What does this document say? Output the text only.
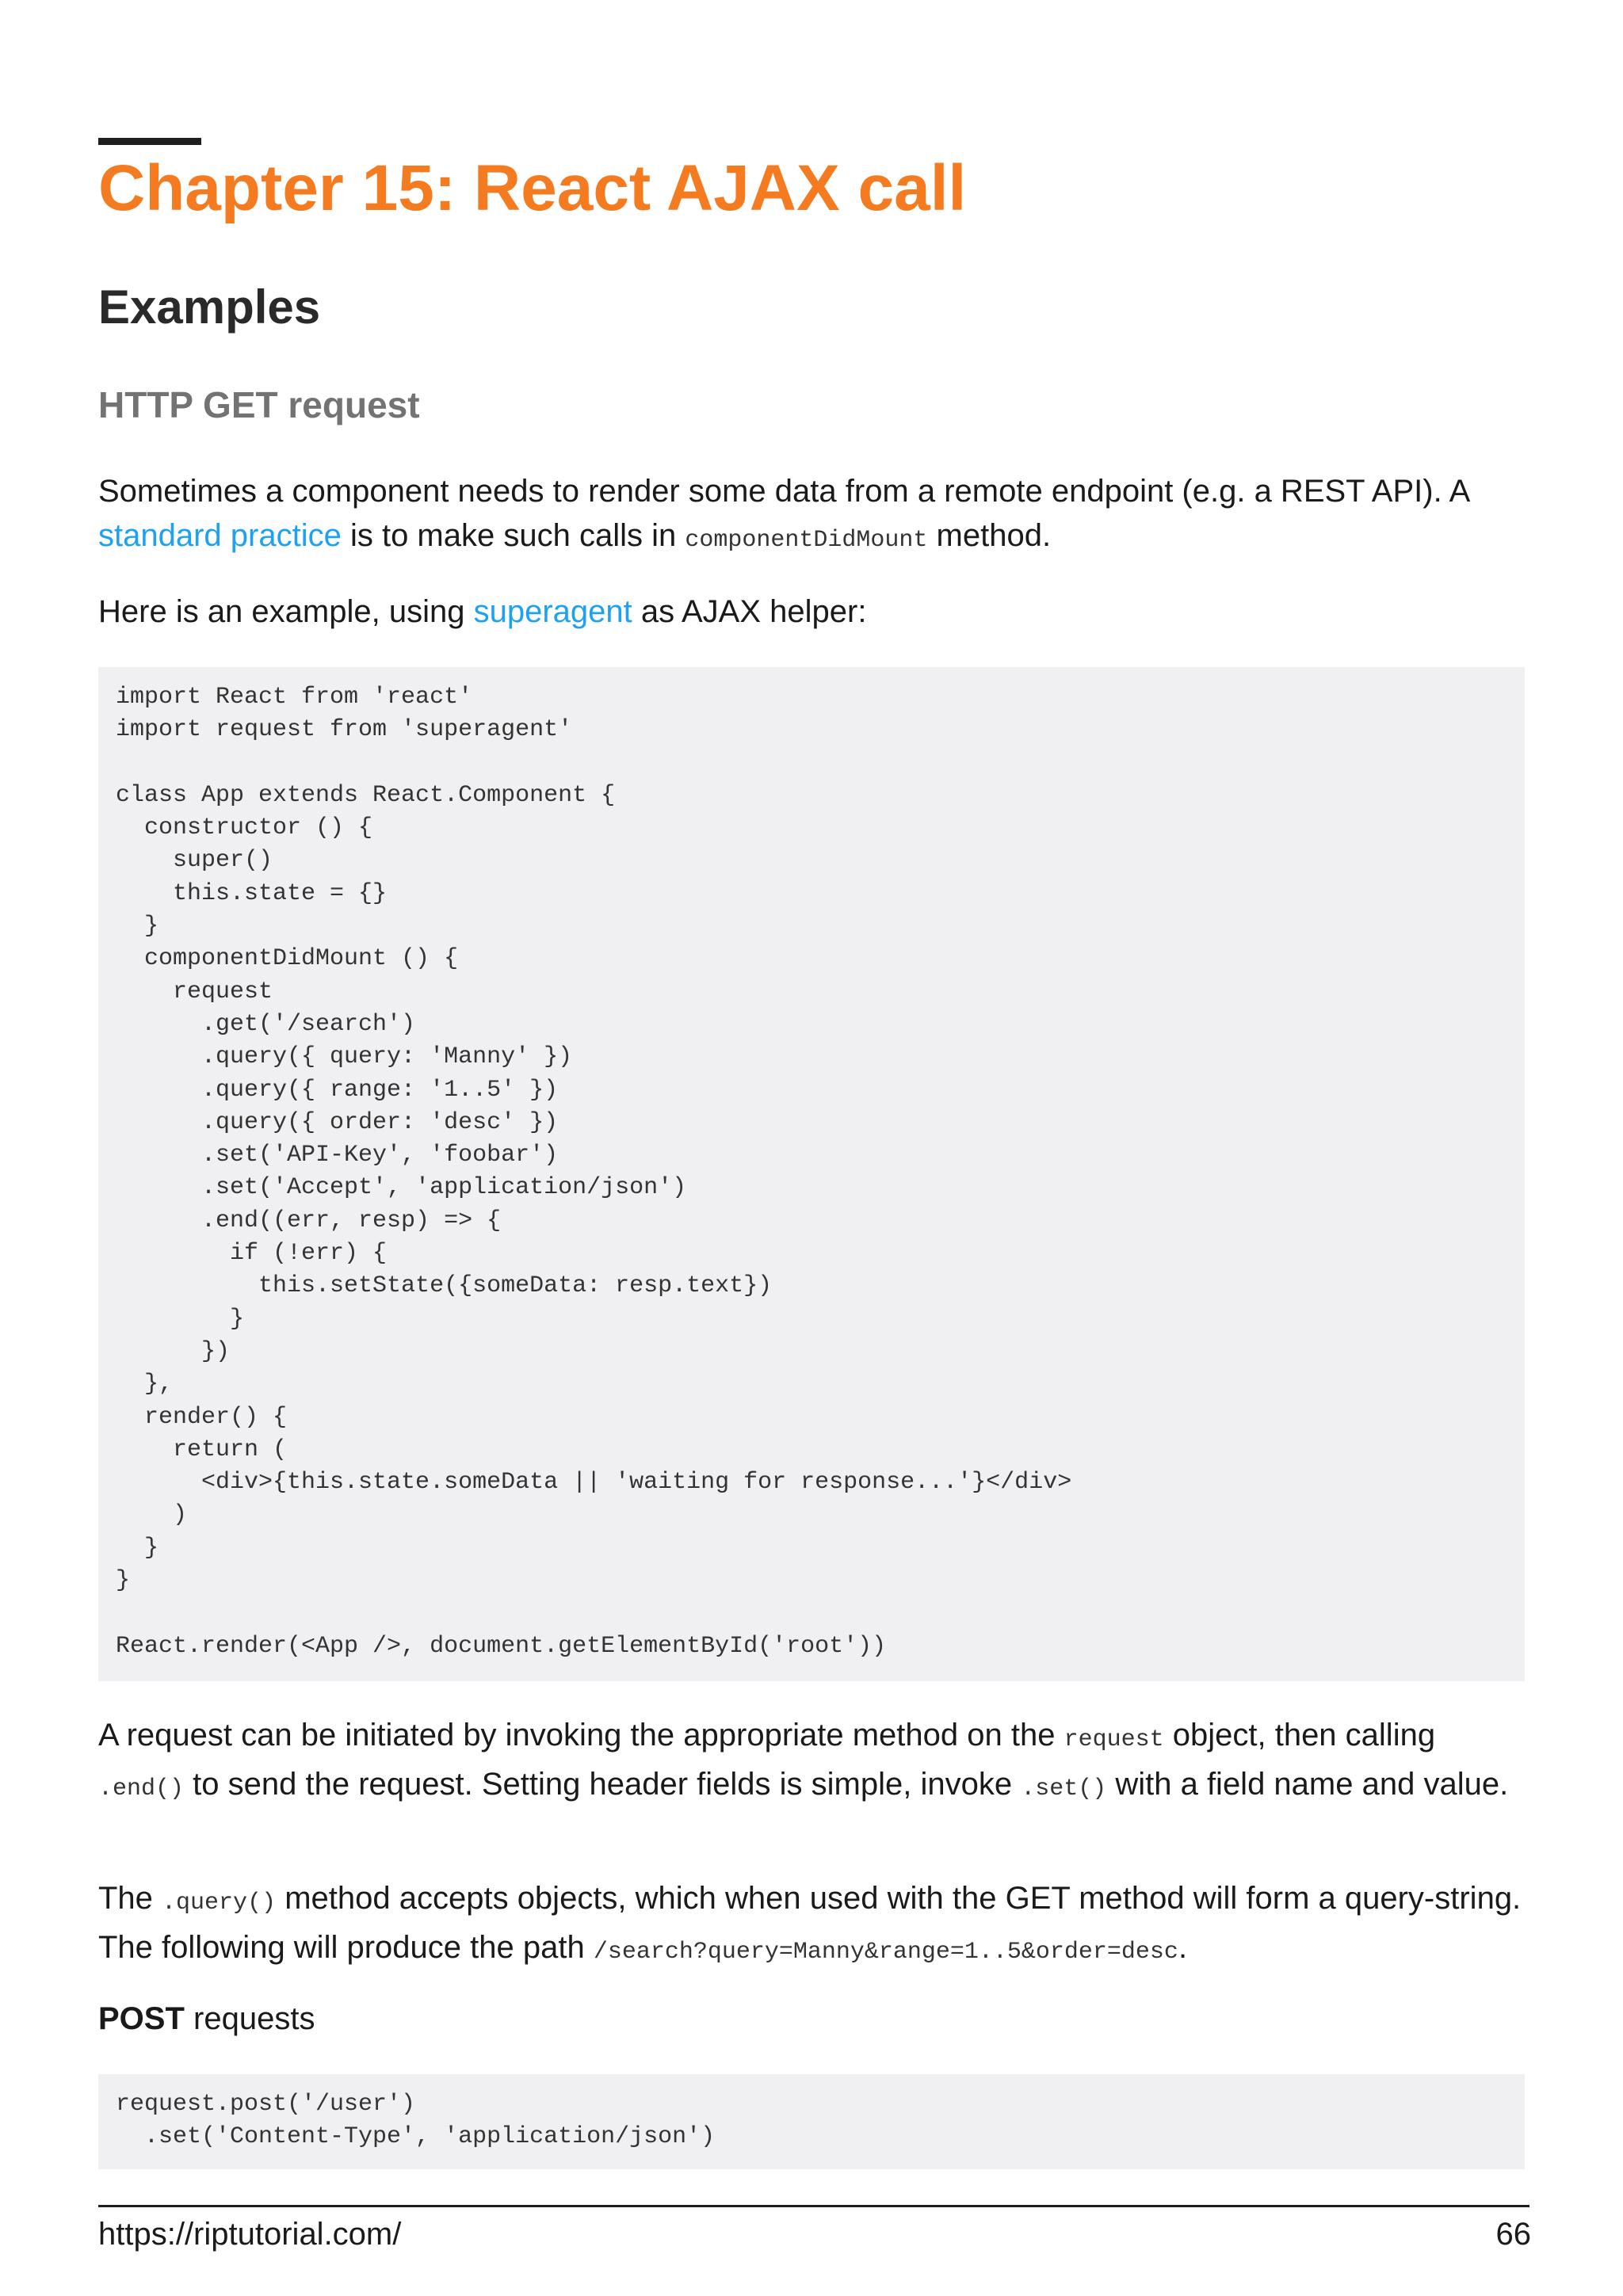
Chapter 15: React AJAX call
Examples
HTTP GET request

Sometimes a component needs to render some data from a remote endpoint (e.g. a REST API). A standard practice is to make such calls in componentDidMount method.

Here is an example, using superagent as AJAX helper:

import React from 'react'
import request from 'superagent'

class App extends React.Component {
constructor () {
super()
this.state = {}
}
componentDidMount () {
request
.get('/search')
.query({ query: 'Manny' })
.query({ range: '1..5' })
.query({ order: 'desc' })
.set('API-Key', 'foobar')
.set('Accept', 'application/json')
.end((err, resp) => {
if (!err) {
this.setState({someData: resp.text})
}
})
},
render() {
return (
<div>{this.state.someData || 'waiting for response...'}</div>
)
}
}

React.render(<App />, document.getElementById('root'))

A request can be initiated by invoking the appropriate method on the request object, then calling .end() to send the request. Setting header fields is simple, invoke .set() with a field name and value.

The .query() method accepts objects, which when used with the GET method will form a query-string. The following will produce the path /search?query=Manny&range=1..5&order=desc.

POST requests

request.post('/user')
.set('Content-Type', 'application/json')
https://riptutorial.com/	66
